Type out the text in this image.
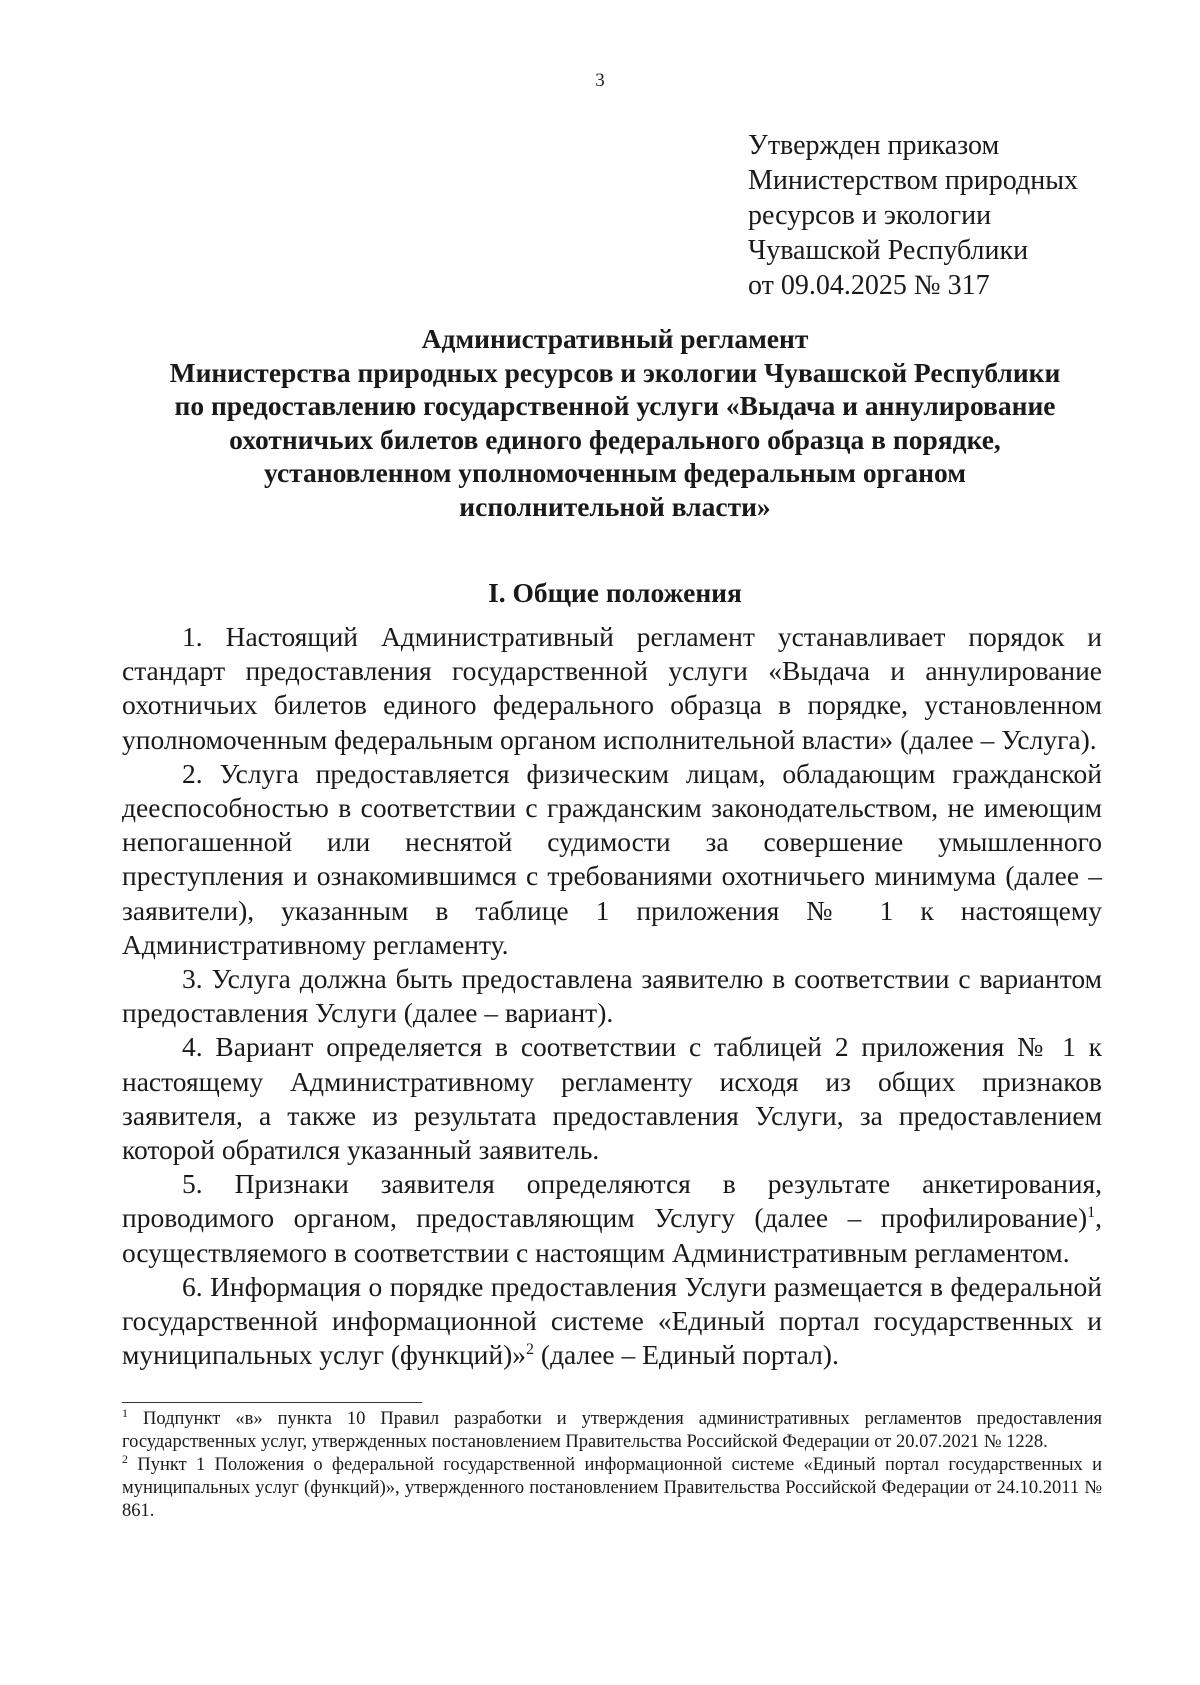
3
Утвержден приказом
Министерством природных
ресурсов и экологии
Чувашской Республики
от 09.04.2025 № 317
Административный регламент
Министерства природных ресурсов и экологии Чувашской Республики
по предоставлению государственной услуги «Выдача и аннулирование
охотничьих билетов единого федерального образца в порядке,
установленном уполномоченным федеральным органом
исполнительной власти»
I. Общие положения

1. Настоящий Административный регламент устанавливает порядок и стандарт предоставления государственной услуги «Выдача и аннулирование охотничьих билетов единого федерального образца в порядке, установленном уполномоченным федеральным органом исполнительной власти» (далее – Услуга).

2. Услуга предоставляется физическим лицам, обладающим гражданской дееспособностью в соответствии с гражданским законодательством, не имеющим непогашенной или неснятой судимости за совершение умышленного преступления и ознакомившимся с требованиями охотничьего минимума (далее – заявители), указанным в таблице 1 приложения № 1 к настоящему Административному регламенту.

3. Услуга должна быть предоставлена заявителю в соответствии с вариантом предоставления Услуги (далее – вариант).

4. Вариант определяется в соответствии с таблицей 2 приложения № 1 к настоящему Административному регламенту исходя из общих признаков заявителя, а также из результата предоставления Услуги, за предоставлением которой обратился указанный заявитель.

5. Признаки заявителя определяются в результате анкетирования, проводимого органом, предоставляющим Услугу (далее – профилирование)$^1$, осуществляемого в соответствии с настоящим Административным регламентом.

6. Информация о порядке предоставления Услуги размещается в федеральной государственной информационной системе «Единый портал государственных и муниципальных услуг (функций)»$^2$ (далее – Единый портал).

$^1$ Подпункт «в» пункта 10 Правил разработки и утверждения административных регламентов предоставления государственных услуг, утвержденных постановлением Правительства Российской Федерации от 20.07.2021 № 1228.

$^2$ Пункт 1 Положения о федеральной государственной информационной системе «Единый портал государственных и муниципальных услуг (функций)», утвержденного постановлением Правительства Российской Федерации от 24.10.2011 № 861.
